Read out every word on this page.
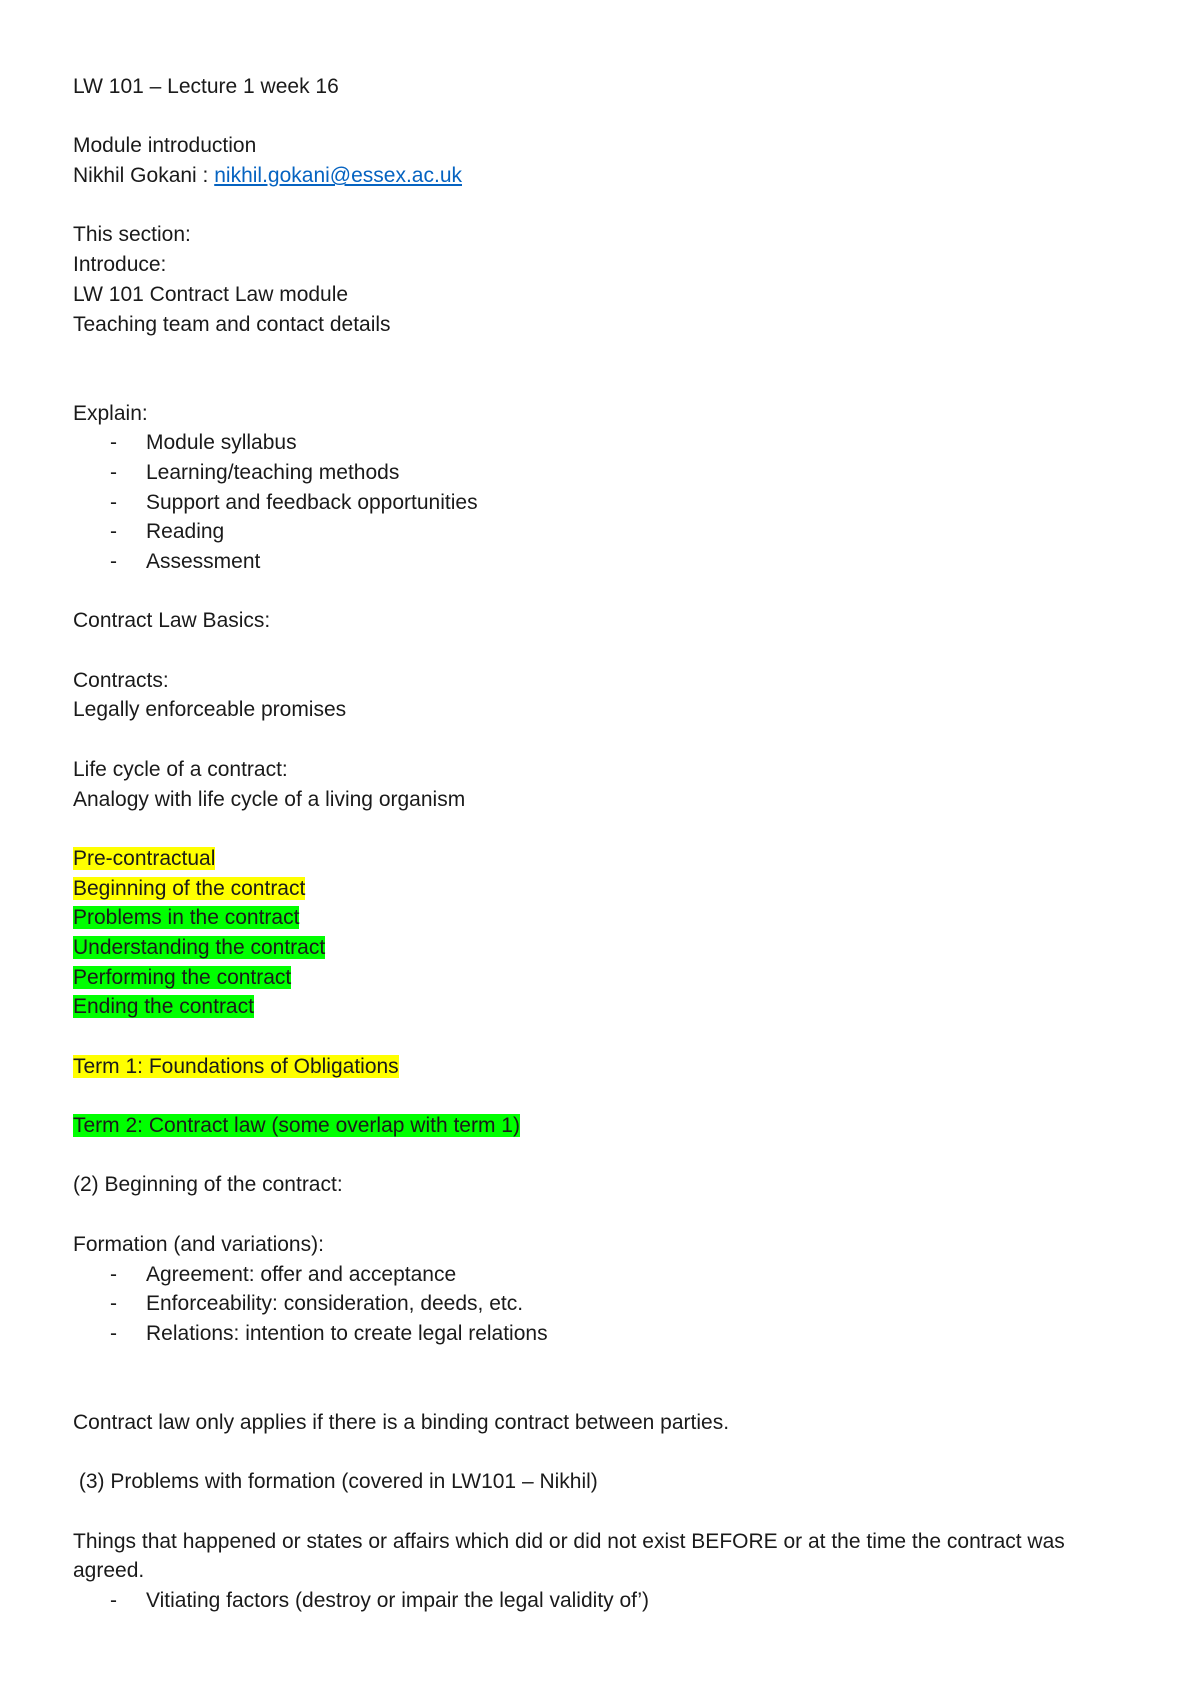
LW 101 – Lecture 1 week 16
Module introduction
Nikhil Gokani : nikhil.gokani@essex.ac.uk
This section:
Introduce:
LW 101 Contract Law module
Teaching team and contact details
Explain:
- Module syllabus
- Learning/teaching methods
- Support and feedback opportunities
- Reading
- Assessment
Contract Law Basics:
Contracts:
Legally enforceable promises
Life cycle of a contract:
Analogy with life cycle of a living organism
Pre-contractual
Beginning of the contract
Problems in the contract
Understanding the contract
Performing the contract
Ending the contract
Term 1: Foundations of Obligations
Term 2: Contract law (some overlap with term 1)
(2) Beginning of the contract:
Formation (and variations):
- Agreement: offer and acceptance
- Enforceability: consideration, deeds, etc.
- Relations: intention to create legal relations
Contract law only applies if there is a binding contract between parties.
(3) Problems with formation (covered in LW101 – Nikhil)
Things that happened or states or affairs which did or did not exist BEFORE or at the time the contract was agreed.
- Vitiating factors (destroy or impair the legal validity of’)
